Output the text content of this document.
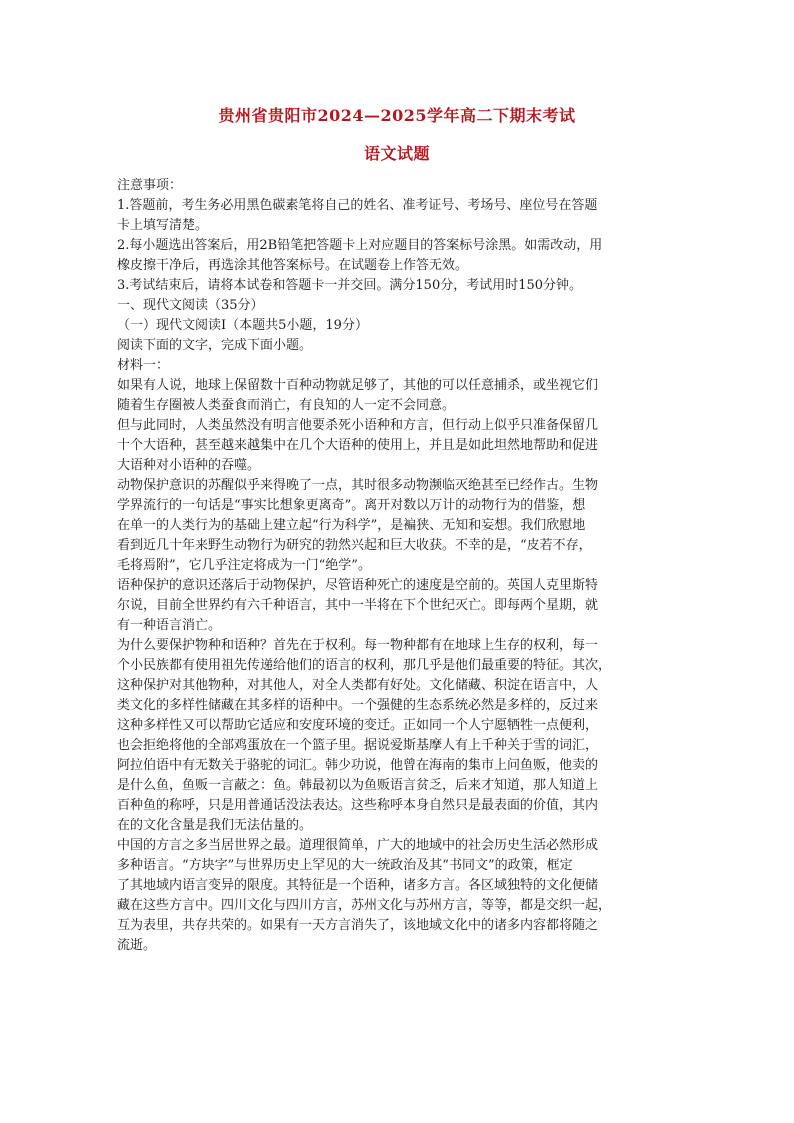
贵州省贵阳市2024—2025学年高二下期末考试
语文试题
注意事项：
1.答题前，考生务必用黑色碳素笔将自己的姓名、准考证号、考场号、座位号在答题
卡上填写清楚。
2.每小题选出答案后，用2B铅笔把答题卡上对应题目的答案标号涂黑。如需改动，用
橡皮擦干净后，再选涂其他答案标号。在试题卷上作答无效。
3.考试结束后，请将本试卷和答题卡一并交回。满分150分，考试用时150分钟。
一、现代文阅读（35分）
（一）现代文阅读Ⅰ（本题共5小题，19分）
阅读下面的文字，完成下面小题。
材料一：
如果有人说，地球上保留数十百种动物就足够了，其他的可以任意捕杀，或坐视它们
随着生存圈被人类蚕食而消亡，有良知的人一定不会同意。
但与此同时，人类虽然没有明言他要杀死小语种和方言，但行动上似乎只准备保留几
十个大语种，甚至越来越集中在几个大语种的使用上，并且是如此坦然地帮助和促进
大语种对小语种的吞噬。
动物保护意识的苏醒似乎来得晚了一点，其时很多动物濒临灭绝甚至已经作古。生物
学界流行的一句话是“事实比想象更离奇”。离开对数以万计的动物行为的借鉴，想
在单一的人类行为的基础上建立起“行为科学”，是褊狭、无知和妄想。我们欣慰地
看到近几十年来野生动物行为研究的勃然兴起和巨大收获。不幸的是，“皮若不存，
毛将焉附”，它几乎注定将成为一门“绝学”。
语种保护的意识还落后于动物保护，尽管语种死亡的速度是空前的。英国人克里斯特
尔说，目前全世界约有六千种语言，其中一半将在下个世纪灭亡。即每两个星期，就
有一种语言消亡。
为什么要保护物种和语种？首先在于权利。每一物种都有在地球上生存的权利，每一
个小民族都有使用祖先传递给他们的语言的权利，那几乎是他们最重要的特征。其次，
这种保护对其他物种，对其他人，对全人类都有好处。文化储藏、积淀在语言中，人
类文化的多样性储藏在其多样的语种中。一个强健的生态系统必然是多样的，反过来
这种多样性又可以帮助它适应和安度环境的变迁。正如同一个人宁愿牺牲一点便利，
也会拒绝将他的全部鸡蛋放在一个篮子里。据说爱斯基摩人有上千种关于雪的词汇，
阿拉伯语中有无数关于骆驼的词汇。韩少功说，他曾在海南的集市上问鱼贩，他卖的
是什么鱼，鱼贩一言蔽之：鱼。韩最初以为鱼贩语言贫乏，后来才知道，那人知道上
百种鱼的称呼，只是用普通话没法表达。这些称呼本身自然只是最表面的价值，其内
在的文化含量是我们无法估量的。
中国的方言之多当居世界之最。道理很简单，广大的地域中的社会历史生活必然形成
多种语言。“方块字”与世界历史上罕见的大一统政治及其“书同文”的政策，框定
了其地域内语言变异的限度。其特征是一个语种，诸多方言。各区域独特的文化便储
藏在这些方言中。四川文化与四川方言，苏州文化与苏州方言，等等，都是交织一起，
互为表里，共存共荣的。如果有一天方言消失了，该地域文化中的诸多内容都将随之
流逝。
